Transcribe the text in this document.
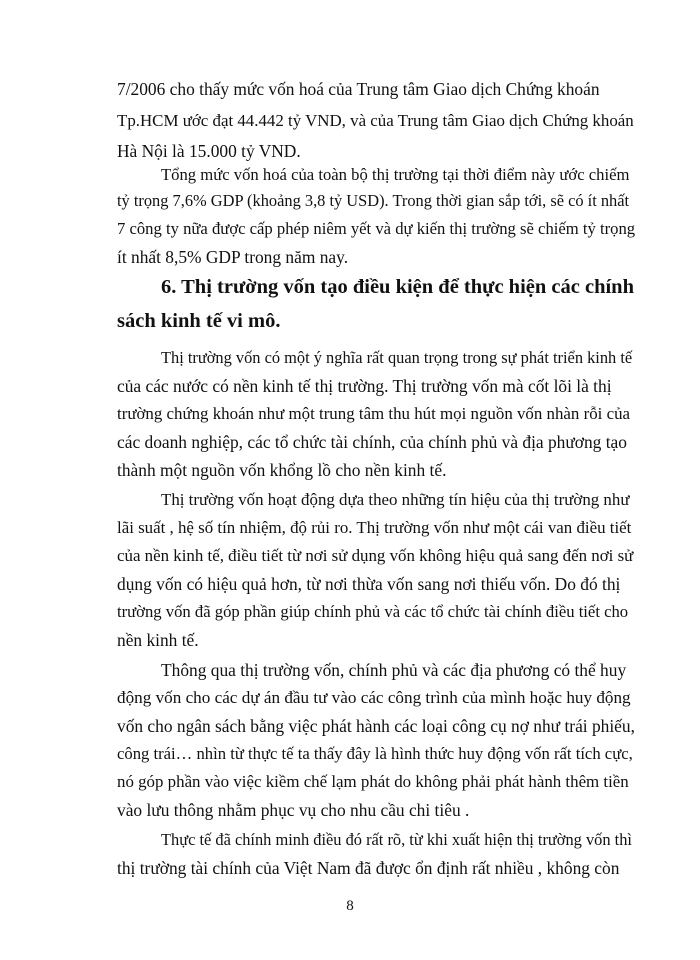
7/2006 cho thấy mức vốn hoá của Trung tâm Giao dịch Chứng khoán
Tp.HCM ước đạt 44.442 tỷ VND, và của Trung tâm Giao dịch Chứng khoán
Hà Nội là 15.000 tỷ VND.
Tổng mức vốn hoá của toàn bộ thị trường tại thời điểm này ước chiếm
tỷ trọng 7,6% GDP (khoảng 3,8 tỷ USD). Trong thời gian sắp tới, sẽ có ít nhất
7 công ty nữa được cấp phép niêm yết và dự kiến thị trường sẽ chiếm tỷ trọng
ít nhất 8,5% GDP trong năm nay.
6. Thị trường vốn tạo điều kiện để thực hiện các chính
sách kinh tế vi mô.
Thị trường vốn có một ý nghĩa rất quan trọng trong sự phát triển kinh tế
của các nước có nền kinh tế thị trường. Thị trường vốn mà cốt lõi là thị
trường chứng khoán như một trung tâm thu hút mọi nguồn vốn nhàn rỗi của
các doanh nghiệp, các tổ chức tài chính, của chính phủ và địa phương tạo
thành một nguồn vốn khổng lồ cho nền kinh tế.
Thị trường vốn hoạt động dựa theo những tín hiệu của thị trường như
lãi suất , hệ số tín nhiệm, độ rủi ro. Thị trường vốn như một cái van điều tiết
của nền kinh tế, điều tiết từ nơi sử dụng vốn không hiệu quả sang đến nơi sử
dụng vốn có hiệu quả hơn, từ nơi thừa vốn sang nơi thiếu vốn. Do đó thị
trường vốn đã góp phần giúp chính phủ và các tổ chức tài chính điều tiết cho
nền kinh tế.
Thông qua thị trường vốn, chính phủ và các địa phương có thể huy
động vốn cho các dự án đầu tư vào các công trình của mình hoặc huy động
vốn cho ngân sách bằng việc phát hành các loại công cụ nợ như trái phiếu,
công trái… nhìn từ thực tế ta thấy đây là hình thức huy động vốn rất tích cực,
nó góp phần vào việc kiềm chế lạm phát do không phải phát hành thêm tiền
vào lưu thông nhằm phục vụ cho nhu cầu chi tiêu .
Thực tế đã chính minh điều đó rất rõ, từ khi xuất hiện thị trường vốn thì
thị trường tài chính của Việt Nam đã được ổn định rất nhiều , không còn
8
